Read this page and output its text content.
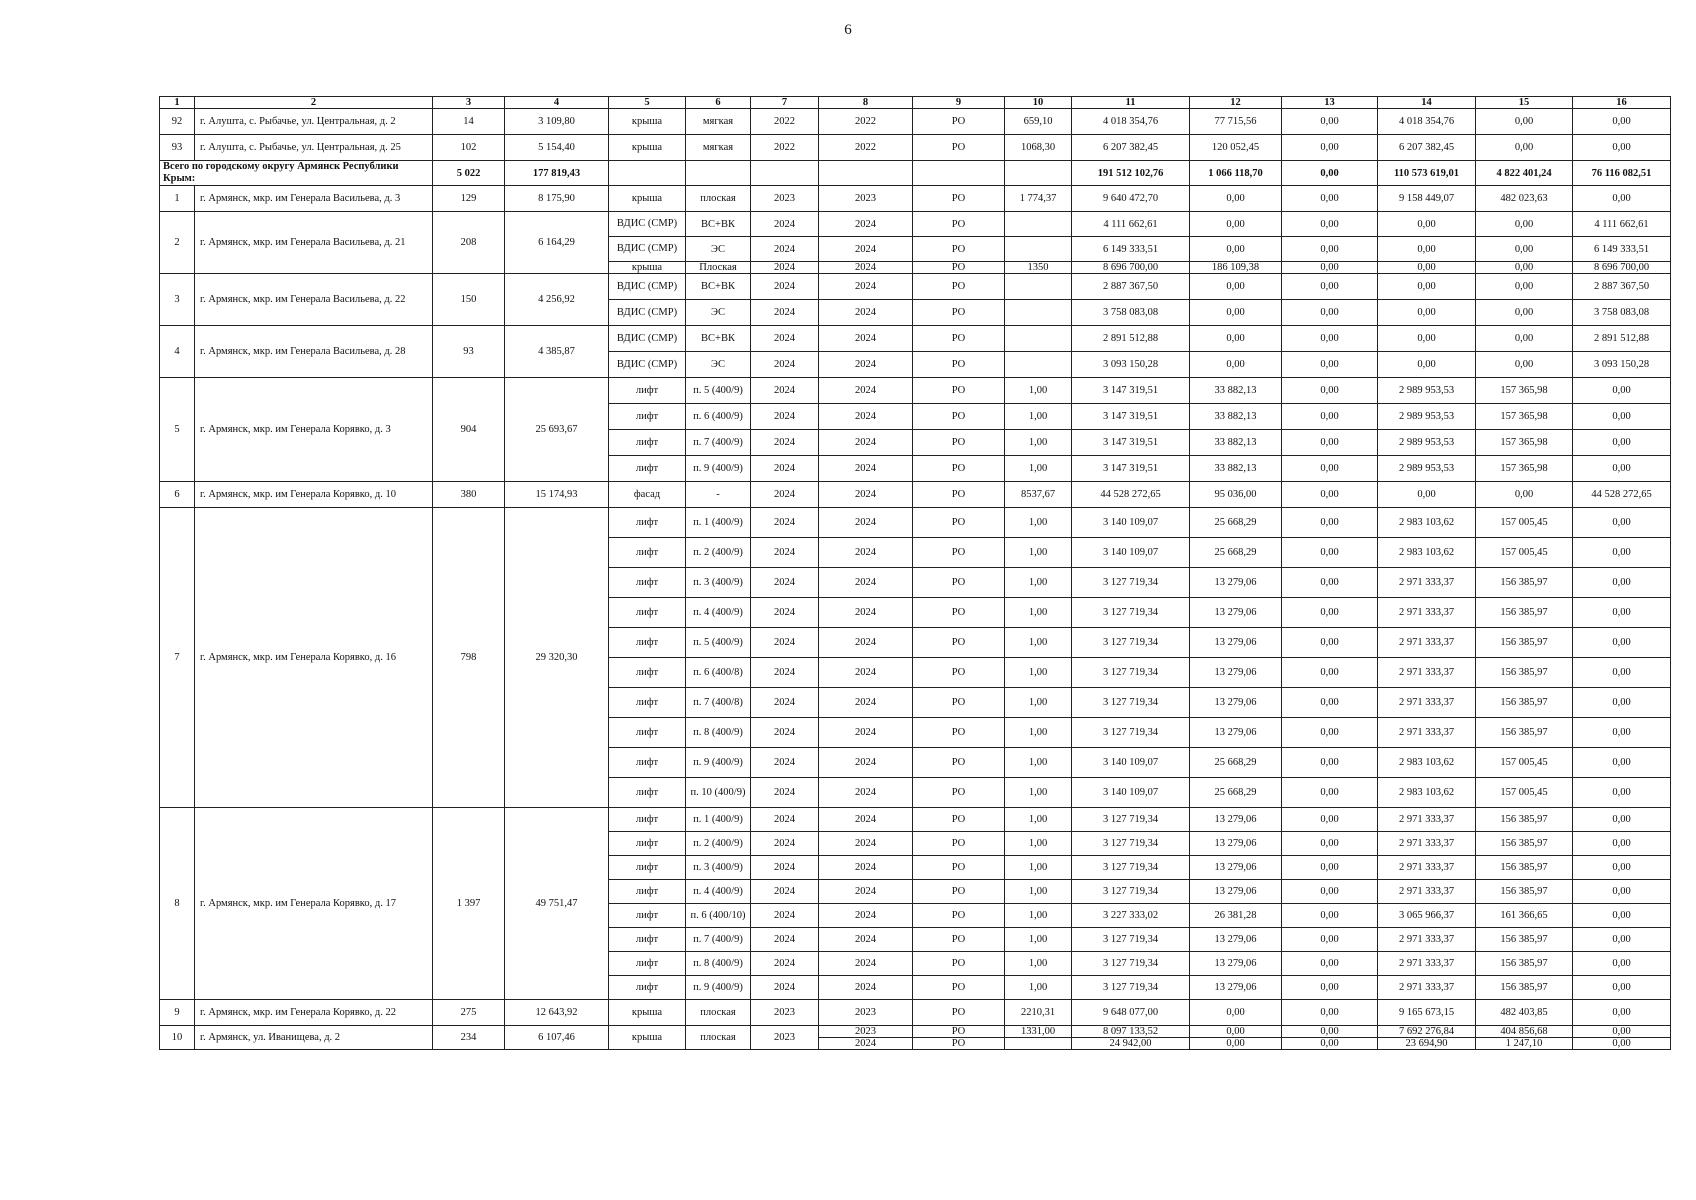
6
1	2	3	4	5	6	7	8	9	10	11	12	13	14	15	16
92	г. Алушта, с. Рыбачье, ул. Центральная, д. 2	14	3 109,80	крыша	мягкая	2022	2022	РО	659,10	4 018 354,76	77 715,56	0,00	4 018 354,76	0,00	0,00
93	г. Алушта, с. Рыбачье, ул. Центральная, д. 25	102	5 154,40	крыша	мягкая	2022	2022	РО	1068,30	6 207 382,45	120 052,45	0,00	6 207 382,45	0,00	0,00
Всего по городскому округу Армянск Республики Крым:		5 022	177 819,43							191 512 102,76	1 066 118,70	0,00	110 573 619,01	4 822 401,24	76 116 082,51
1	г. Армянск, мкр. им Генерала Васильева, д. 3	129	8 175,90	крыша	плоская	2023	2023	РО	1 774,37	9 640 472,70	0,00	0,00	9 158 449,07	482 023,63	0,00
2	г. Армянск, мкр. им Генерала Васильева, д. 21	208	6 164,29	ВДИС (СМР)	ВС+ВК	2024	2024	РО		4 111 662,61	0,00	0,00	0,00	0,00	4 111 662,61
				ВДИС (СМР)	ЭС	2024	2024	РО		6 149 333,51	0,00	0,00	0,00	0,00	6 149 333,51
				крыша	Плоская	2024	2024	РО	1350	8 696 700,00	186 109,38	0,00	0,00	0,00	8 696 700,00
3	г. Армянск, мкр. им Генерала Васильева, д. 22	150	4 256,92	ВДИС (СМР)	ВС+ВК	2024	2024	РО		2 887 367,50	0,00	0,00	0,00	0,00	2 887 367,50
				ВДИС (СМР)	ЭС	2024	2024	РО		3 758 083,08	0,00	0,00	0,00	0,00	3 758 083,08
4	г. Армянск, мкр. им Генерала Васильева, д. 28	93	4 385,87	ВДИС (СМР)	ВС+ВК	2024	2024	РО		2 891 512,88	0,00	0,00	0,00	0,00	2 891 512,88
				ВДИС (СМР)	ЭС	2024	2024	РО		3 093 150,28	0,00	0,00	0,00	0,00	3 093 150,28
5	г. Армянск, мкр. им Генерала Корявко, д. 3	904	25 693,67	лифт	п. 5 (400/9)	2024	2024	РО	1,00	3 147 319,51	33 882,13	0,00	2 989 953,53	157 365,98	0,00
				лифт	п. 6 (400/9)	2024	2024	РО	1,00	3 147 319,51	33 882,13	0,00	2 989 953,53	157 365,98	0,00
				лифт	п. 7 (400/9)	2024	2024	РО	1,00	3 147 319,51	33 882,13	0,00	2 989 953,53	157 365,98	0,00
				лифт	п. 9 (400/9)	2024	2024	РО	1,00	3 147 319,51	33 882,13	0,00	2 989 953,53	157 365,98	0,00
6	г. Армянск, мкр. им Генерала Корявко, д. 10	380	15 174,93	фасад	-	2024	2024	РО	8537,67	44 528 272,65	95 036,00	0,00	0,00	0,00	44 528 272,65
7	г. Армянск, мкр. им Генерала Корявко, д. 16	798	29 320,30	лифт	п. 1 (400/9)	2024	2024	РО	1,00	3 140 109,07	25 668,29	0,00	2 983 103,62	157 005,45	0,00
				лифт	п. 2 (400/9)	2024	2024	РО	1,00	3 140 109,07	25 668,29	0,00	2 983 103,62	157 005,45	0,00
				лифт	п. 3 (400/9)	2024	2024	РО	1,00	3 127 719,34	13 279,06	0,00	2 971 333,37	156 385,97	0,00
				лифт	п. 4 (400/9)	2024	2024	РО	1,00	3 127 719,34	13 279,06	0,00	2 971 333,37	156 385,97	0,00
				лифт	п. 5 (400/9)	2024	2024	РО	1,00	3 127 719,34	13 279,06	0,00	2 971 333,37	156 385,97	0,00
				лифт	п. 6 (400/8)	2024	2024	РО	1,00	3 127 719,34	13 279,06	0,00	2 971 333,37	156 385,97	0,00
				лифт	п. 7 (400/8)	2024	2024	РО	1,00	3 127 719,34	13 279,06	0,00	2 971 333,37	156 385,97	0,00
				лифт	п. 8 (400/9)	2024	2024	РО	1,00	3 127 719,34	13 279,06	0,00	2 971 333,37	156 385,97	0,00
				лифт	п. 9 (400/9)	2024	2024	РО	1,00	3 140 109,07	25 668,29	0,00	2 983 103,62	157 005,45	0,00
				лифт	п. 10 (400/9)	2024	2024	РО	1,00	3 140 109,07	25 668,29	0,00	2 983 103,62	157 005,45	0,00
8	г. Армянск, мкр. им Генерала Корявко, д. 17	1 397	49 751,47	лифт	п. 1 (400/9)	2024	2024	РО	1,00	3 127 719,34	13 279,06	0,00	2 971 333,37	156 385,97	0,00
				лифт	п. 2 (400/9)	2024	2024	РО	1,00	3 127 719,34	13 279,06	0,00	2 971 333,37	156 385,97	0,00
				лифт	п. 3 (400/9)	2024	2024	РО	1,00	3 127 719,34	13 279,06	0,00	2 971 333,37	156 385,97	0,00
				лифт	п. 4 (400/9)	2024	2024	РО	1,00	3 127 719,34	13 279,06	0,00	2 971 333,37	156 385,97	0,00
				лифт	п. 6 (400/10)	2024	2024	РО	1,00	3 227 333,02	26 381,28	0,00	3 065 966,37	161 366,65	0,00
				лифт	п. 7 (400/9)	2024	2024	РО	1,00	3 127 719,34	13 279,06	0,00	2 971 333,37	156 385,97	0,00
				лифт	п. 8 (400/9)	2024	2024	РО	1,00	3 127 719,34	13 279,06	0,00	2 971 333,37	156 385,97	0,00
				лифт	п. 9 (400/9)	2024	2024	РО	1,00	3 127 719,34	13 279,06	0,00	2 971 333,37	156 385,97	0,00
9	г. Армянск, мкр. им Генерала Корявко, д. 22	275	12 643,92	крыша	плоская	2023	2023	РО	2210,31	9 648 077,00	0,00	0,00	9 165 673,15	482 403,85	0,00
10	г. Армянск, ул. Иванищева, д. 2	234	6 107,46	крыша	плоская	2023	2023	РО	1331,00	8 097 133,52	0,00	0,00	7 692 276,84	404 856,68	0,00
							2024	РО		24 942,00	0,00	0,00	23 694,90	1 247,10	0,00
